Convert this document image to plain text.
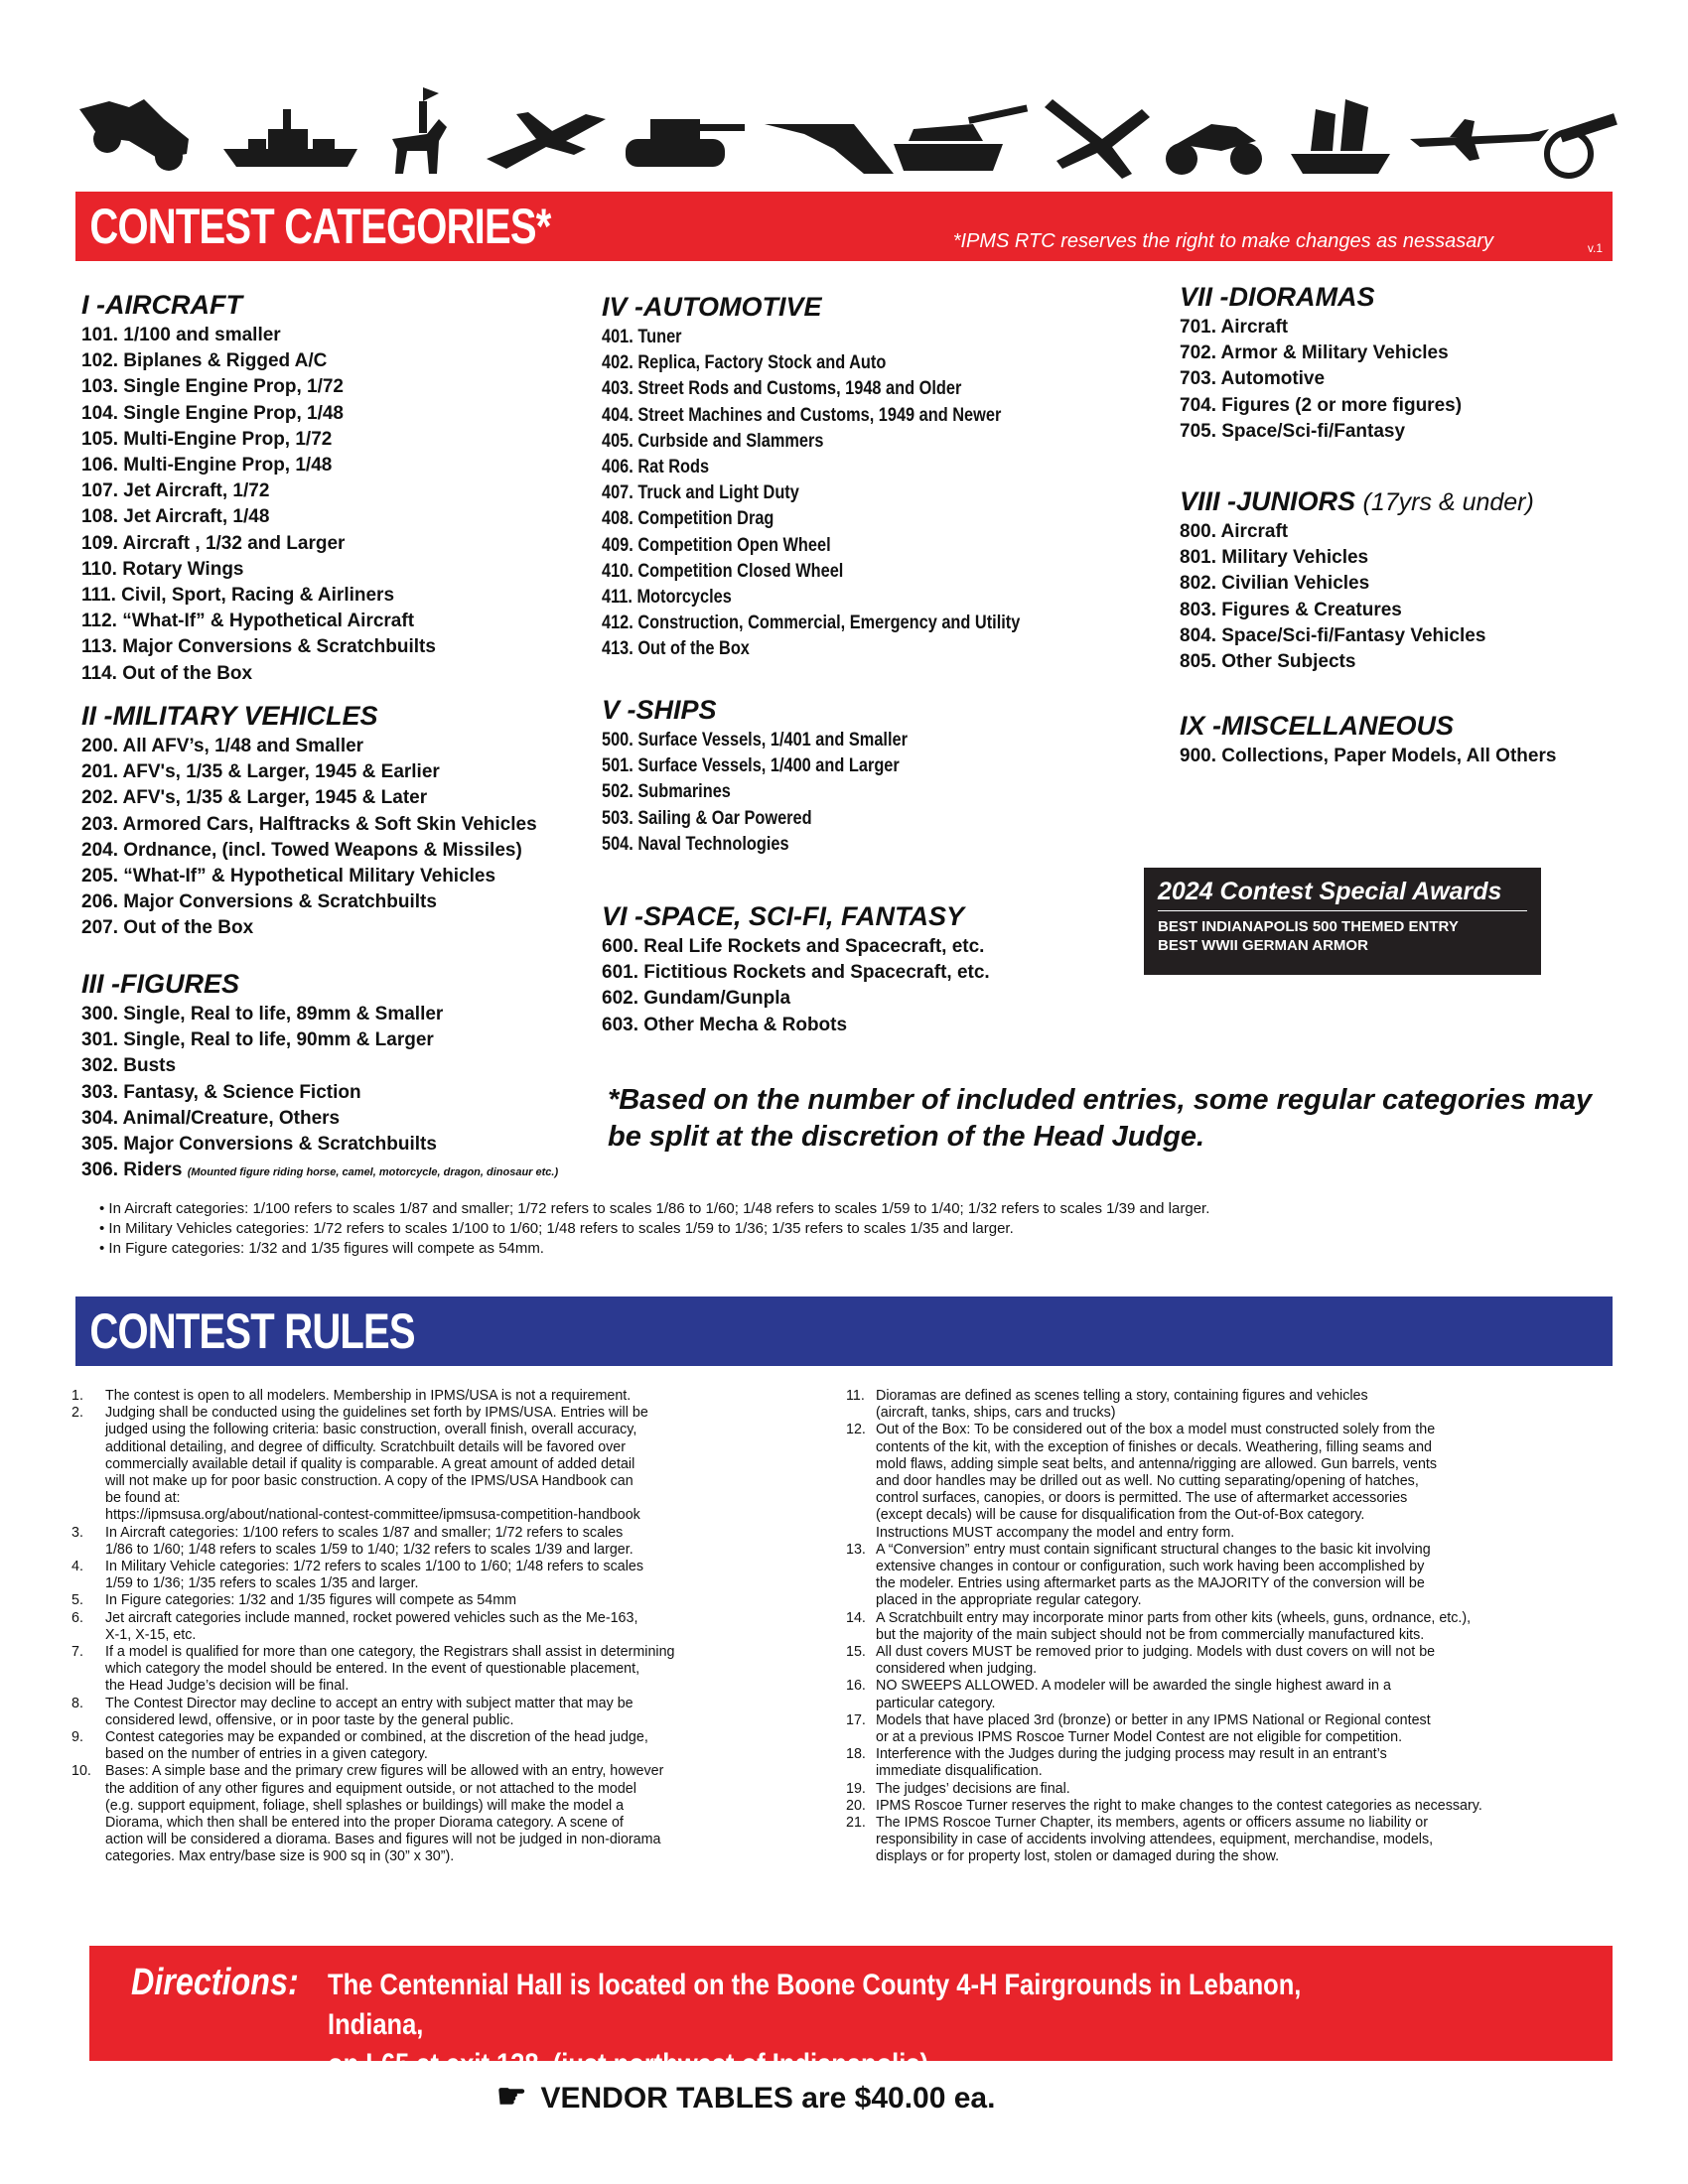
CONTEST CATEGORIES*	*IPMS RTC reserves the right to make changes as nessasary	v.1
I -AIRCRAFT
101. 1/100 and smaller
102. Biplanes & Rigged A/C
103. Single Engine Prop, 1/72
104. Single Engine Prop, 1/48
105. Multi-Engine Prop, 1/72
106. Multi-Engine Prop, 1/48
107. Jet Aircraft, 1/72
108. Jet Aircraft, 1/48
109. Aircraft , 1/32 and Larger
110. Rotary Wings
111. Civil, Sport, Racing & Airliners
112. “What-If” & Hypothetical Aircraft
113. Major Conversions & Scratchbuilts
114. Out of the Box
II -MILITARY VEHICLES
200. All AFV’s, 1/48 and Smaller
201. AFV's, 1/35 & Larger, 1945 & Earlier
202. AFV's, 1/35 & Larger, 1945 & Later
203. Armored Cars, Halftracks & Soft Skin Vehicles
204. Ordnance, (incl. Towed Weapons & Missiles)
205. “What-If” & Hypothetical Military Vehicles
206. Major Conversions & Scratchbuilts
207. Out of the Box
III -FIGURES
300. Single, Real to life, 89mm & Smaller
301. Single, Real to life, 90mm & Larger
302. Busts
303. Fantasy, & Science Fiction
304. Animal/Creature, Others
305. Major Conversions & Scratchbuilts
306. Riders (Mounted figure riding horse, camel, motorcycle, dragon, dinosaur etc.)
IV -AUTOMOTIVE
401. Tuner
402. Replica, Factory Stock and Auto
403. Street Rods and Customs, 1948 and Older
404. Street Machines and Customs, 1949 and Newer
405. Curbside and Slammers
406. Rat Rods
407. Truck and Light Duty
408. Competition Drag
409. Competition Open Wheel
410. Competition Closed Wheel
411. Motorcycles
412. Construction, Commercial, Emergency and Utility
413. Out of the Box
V -SHIPS
500. Surface Vessels, 1/401 and Smaller
501. Surface Vessels, 1/400 and Larger
502. Submarines
503. Sailing & Oar Powered
504. Naval Technologies
VI -SPACE, SCI-FI, FANTASY
600. Real Life Rockets and Spacecraft, etc.
601. Fictitious Rockets and Spacecraft, etc.
602. Gundam/Gunpla
603. Other Mecha & Robots
VII -DIORAMAS
701. Aircraft
702. Armor & Military Vehicles
703. Automotive
704. Figures (2 or more figures)
705. Space/Sci-fi/Fantasy
VIII -JUNIORS (17yrs & under)
800. Aircraft
801. Military Vehicles
802. Civilian Vehicles
803. Figures & Creatures
804. Space/Sci-fi/Fantasy Vehicles
805. Other Subjects
IX -MISCELLANEOUS
900. Collections, Paper Models, All Others
2024 Contest Special Awards
BEST INDIANAPOLIS 500 THEMED ENTRY
BEST WWII GERMAN ARMOR
*Based on the number of included entries, some regular categories may be split at the discretion of the Head Judge.
• In Aircraft categories: 1/100 refers to scales 1/87 and smaller; 1/72 refers to scales 1/86 to 1/60; 1/48 refers to scales 1/59 to 1/40; 1/32 refers to scales 1/39 and larger.
• In Military Vehicles categories: 1/72 refers to scales 1/100 to 1/60; 1/48 refers to scales 1/59 to 1/36; 1/35 refers to scales 1/35 and larger.
• In Figure categories: 1/32 and 1/35 figures will compete as 54mm.
CONTEST RULES
1.	The contest is open to all modelers. Membership in IPMS/USA is not a requirement.
2.	Judging shall be conducted using the guidelines set forth by IPMS/USA. Entries will be
judged using the following criteria: basic construction, overall finish, overall accuracy,
additional detailing, and degree of difficulty. Scratchbuilt details will be favored over
commercially available detail if quality is comparable. A great amount of added detail
will not make up for poor basic construction. A copy of the IPMS/USA Handbook can
be found at:
https://ipmsusa.org/about/national-contest-committee/ipmsusa-competition-handbook
3.	In Aircraft categories: 1/100 refers to scales 1/87 and smaller; 1/72 refers to scales
1/86 to 1/60; 1/48 refers to scales 1/59 to 1/40; 1/32 refers to scales 1/39 and larger.
4.	In Military Vehicle categories: 1/72 refers to scales 1/100 to 1/60; 1/48 refers to scales
1/59 to 1/36; 1/35 refers to scales 1/35 and larger.
5.	In Figure categories: 1/32 and 1/35 figures will compete as 54mm
6.	Jet aircraft categories include manned, rocket powered vehicles such as the Me-163,
X-1, X-15, etc.
7.	If a model is qualified for more than one category, the Registrars shall assist in determining
which category the model should be entered. In the event of questionable placement,
the Head Judge’s decision will be final.
8.	The Contest Director may decline to accept an entry with subject matter that may be
considered lewd, offensive, or in poor taste by the general public.
9.	Contest categories may be expanded or combined, at the discretion of the head judge,
based on the number of entries in a given category.
10. Bases: A simple base and the primary crew figures will be allowed with an entry, however
the addition of any other figures and equipment outside, or not attached to the model
(e.g. support equipment, foliage, shell splashes or buildings) will make the model a
Diorama, which then shall be entered into the proper Diorama category. A scene of
action will be considered a diorama. Bases and figures will not be judged in non-diorama
categories. Max entry/base size is 900 sq in (30” x 30”).
11. Dioramas are defined as scenes telling a story, containing figures and vehicles
(aircraft, tanks, ships, cars and trucks)
12. Out of the Box: To be considered out of the box a model must constructed solely from the
contents of the kit, with the exception of finishes or decals. Weathering, filling seams and
mold flaws, adding simple seat belts, and antenna/rigging are allowed. Gun barrels, vents
and door handles may be drilled out as well. No cutting separating/opening of hatches,
control surfaces, canopies, or doors is permitted. The use of aftermarket accessories
(except decals) will be cause for disqualification from the Out-of-Box category.
Instructions MUST accompany the model and entry form.
13. A “Conversion” entry must contain significant structural changes to the basic kit involving
extensive changes in contour or configuration, such work having been accomplished by
the modeler. Entries using aftermarket parts as the MAJORITY of the conversion will be
placed in the appropriate regular category.
14. A Scratchbuilt entry may incorporate minor parts from other kits (wheels, guns, ordnance, etc.),
but the majority of the main subject should not be from commercially manufactured kits.
15. All dust covers MUST be removed prior to judging. Models with dust covers on will not be
considered when judging.
16. NO SWEEPS ALLOWED. A modeler will be awarded the single highest award in a
particular category.
17. Models that have placed 3rd (bronze) or better in any IPMS National or Regional contest
or at a previous IPMS Roscoe Turner Model Contest are not eligible for competition.
18. Interference with the Judges during the judging process may result in an entrant’s
immediate disqualification.
19. The judges’ decisions are final.
20. IPMS Roscoe Turner reserves the right to make changes to the contest categories as necessary.
21. The IPMS Roscoe Turner Chapter, its members, agents or officers assume no liability or
responsibility in case of accidents involving attendees, equipment, merchandise, models,
displays or for property lost, stolen or damaged during the show.
Directions: The Centennial Hall is located on the Boone County 4-H Fairgrounds in Lebanon, Indiana,
on I-65 at exit 138. (just northwest of Indianapolis)
☛ VENDOR TABLES are $40.00 ea.
